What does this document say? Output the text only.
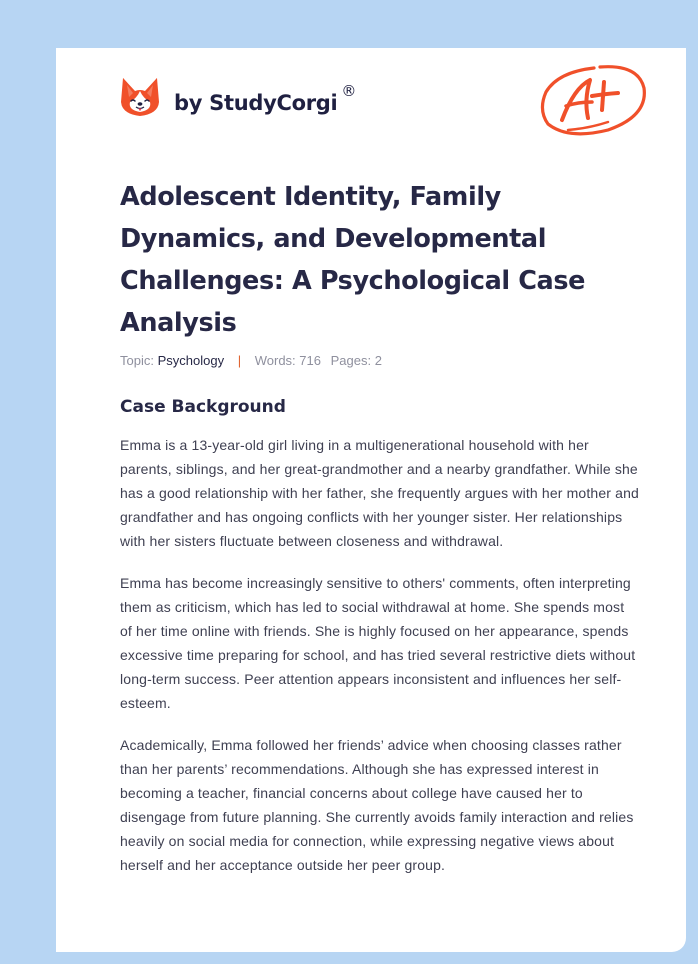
by StudyCorgi ®
Adolescent Identity, Family Dynamics, and Developmental Challenges: A Psychological Case Analysis
Topic: Psychology | Words: 716 Pages: 2
Case Background

Emma is a 13-year-old girl living in a multigenerational household with her parents, siblings, and her great-grandmother and a nearby grandfather. While she has a good relationship with her father, she frequently argues with her mother and grandfather and has ongoing conflicts with her younger sister. Her relationships with her sisters fluctuate between closeness and withdrawal.

Emma has become increasingly sensitive to others' comments, often interpreting them as criticism, which has led to social withdrawal at home. She spends most of her time online with friends. She is highly focused on her appearance, spends excessive time preparing for school, and has tried several restrictive diets without long-term success. Peer attention appears inconsistent and influences her self-esteem.

Academically, Emma followed her friends’ advice when choosing classes rather than her parents’ recommendations. Although she has expressed interest in becoming a teacher, financial concerns about college have caused her to disengage from future planning. She currently avoids family interaction and relies heavily on social media for connection, while expressing negative views about herself and her acceptance outside her peer group.
